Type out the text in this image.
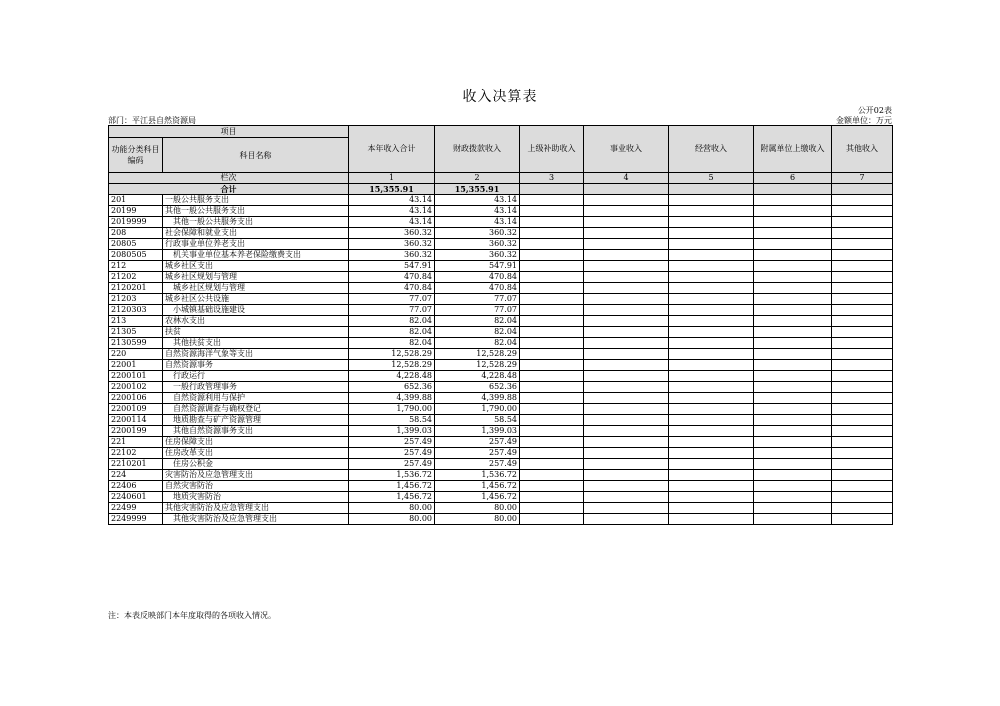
收入决算表
公开02表
部门：平江县自然资源局	金额单位：万元
项目		本年收入合计	财政拨款收入	上级补助收入	事业收入	经营收入	附属单位上缴收入	其他收入
功能分类科目编码	科目名称							
栏次		1	2	3	4	5	6	7
合计		15,355.91	15,355.91					
201	一般公共服务支出	43.14	43.14					
20199	其他一般公共服务支出	43.14	43.14					
2019999	其他一般公共服务支出	43.14	43.14					
208	社会保障和就业支出	360.32	360.32					
20805	行政事业单位养老支出	360.32	360.32					
2080505	机关事业单位基本养老保险缴费支出	360.32	360.32					
212	城乡社区支出	547.91	547.91					
21202	城乡社区规划与管理	470.84	470.84					
2120201	城乡社区规划与管理	470.84	470.84					
21203	城乡社区公共设施	77.07	77.07					
2120303	小城镇基础设施建设	77.07	77.07					
213	农林水支出	82.04	82.04					
21305	扶贫	82.04	82.04					
2130599	其他扶贫支出	82.04	82.04					
220	自然资源海洋气象等支出	12,528.29	12,528.29					
22001	自然资源事务	12,528.29	12,528.29					
2200101	行政运行	4,228.48	4,228.48					
2200102	一般行政管理事务	652.36	652.36					
2200106	自然资源利用与保护	4,399.88	4,399.88					
2200109	自然资源调查与确权登记	1,790.00	1,790.00					
2200114	地质勘查与矿产资源管理	58.54	58.54					
2200199	其他自然资源事务支出	1,399.03	1,399.03					
221	住房保障支出	257.49	257.49					
22102	住房改革支出	257.49	257.49					
2210201	住房公积金	257.49	257.49					
224	灾害防治及应急管理支出	1,536.72	1,536.72					
22406	自然灾害防治	1,456.72	1,456.72					
2240601	地质灾害防治	1,456.72	1,456.72					
22499	其他灾害防治及应急管理支出	80.00	80.00					
2249999	其他灾害防治及应急管理支出	80.00	80.00					
注：本表反映部门本年度取得的各项收入情况。
